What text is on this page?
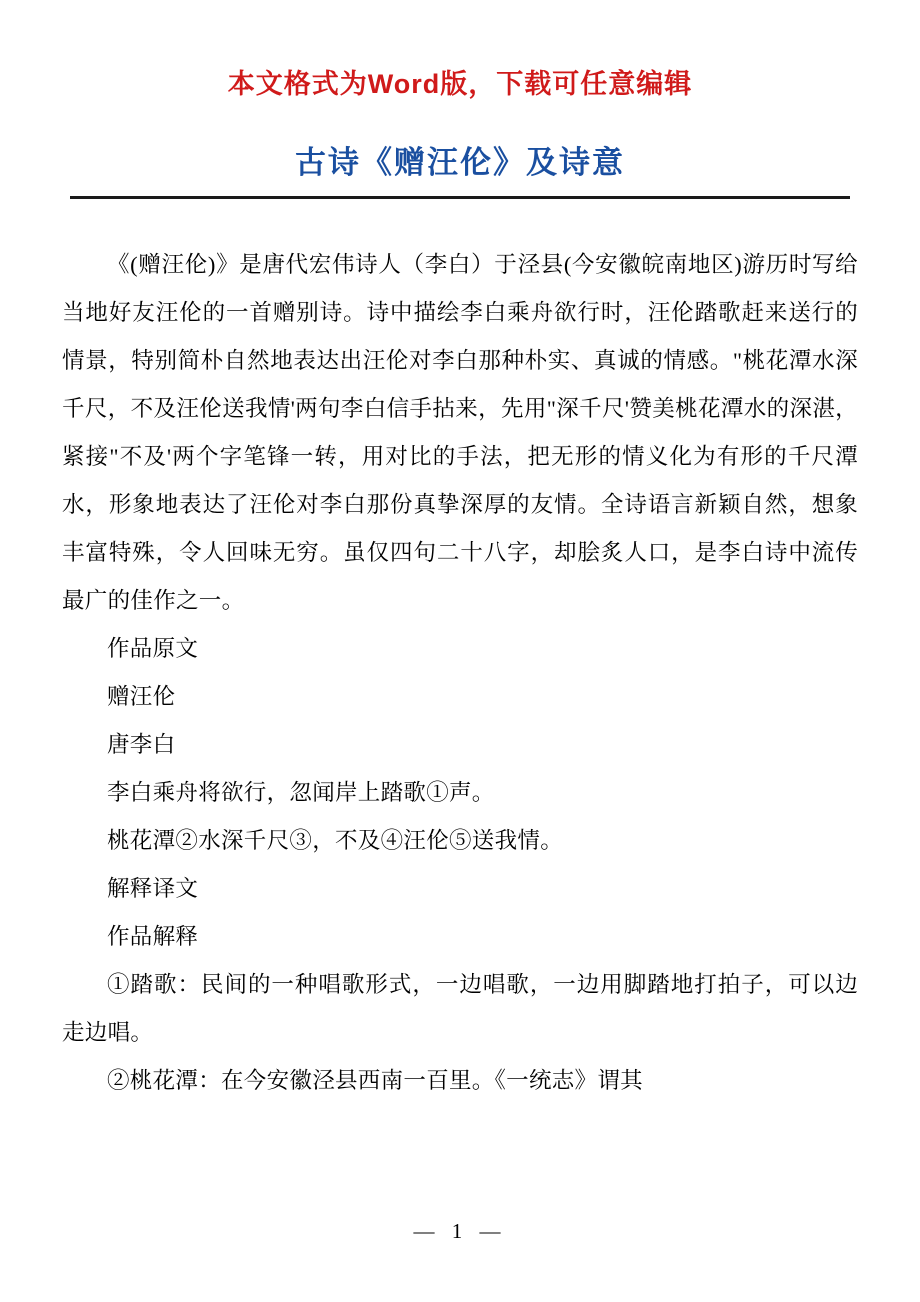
本文格式为Word版，下载可任意编辑
古诗《赠汪伦》及诗意

《(赠汪伦)》是唐代宏伟诗人（李白）于泾县(今安徽皖南地区)游历时写给当地好友汪伦的一首赠别诗。诗中描绘李白乘舟欲行时，汪伦踏歌赶来送行的情景，特别简朴自然地表达出汪伦对李白那种朴实、真诚的情感。"桃花潭水深千尺，不及汪伦送我情'两句李白信手拈来，先用"深千尺'赞美桃花潭水的深湛，紧接"不及'两个字笔锋一转，用对比的手法，把无形的情义化为有形的千尺潭水，形象地表达了汪伦对李白那份真挚深厚的友情。全诗语言新颖自然，想象丰富特殊，令人回味无穷。虽仅四句二十八字，却脍炙人口，是李白诗中流传最广的佳作之一。

作品原文

赠汪伦

唐李白

李白乘舟将欲行，忽闻岸上踏歌①声。

桃花潭②水深千尺③，不及④汪伦⑤送我情。

解释译文

作品解释

①踏歌：民间的一种唱歌形式，一边唱歌，一边用脚踏地打拍子，可以边走边唱。

②桃花潭：在今安徽泾县西南一百里。《一统志》谓其

— 1 —
